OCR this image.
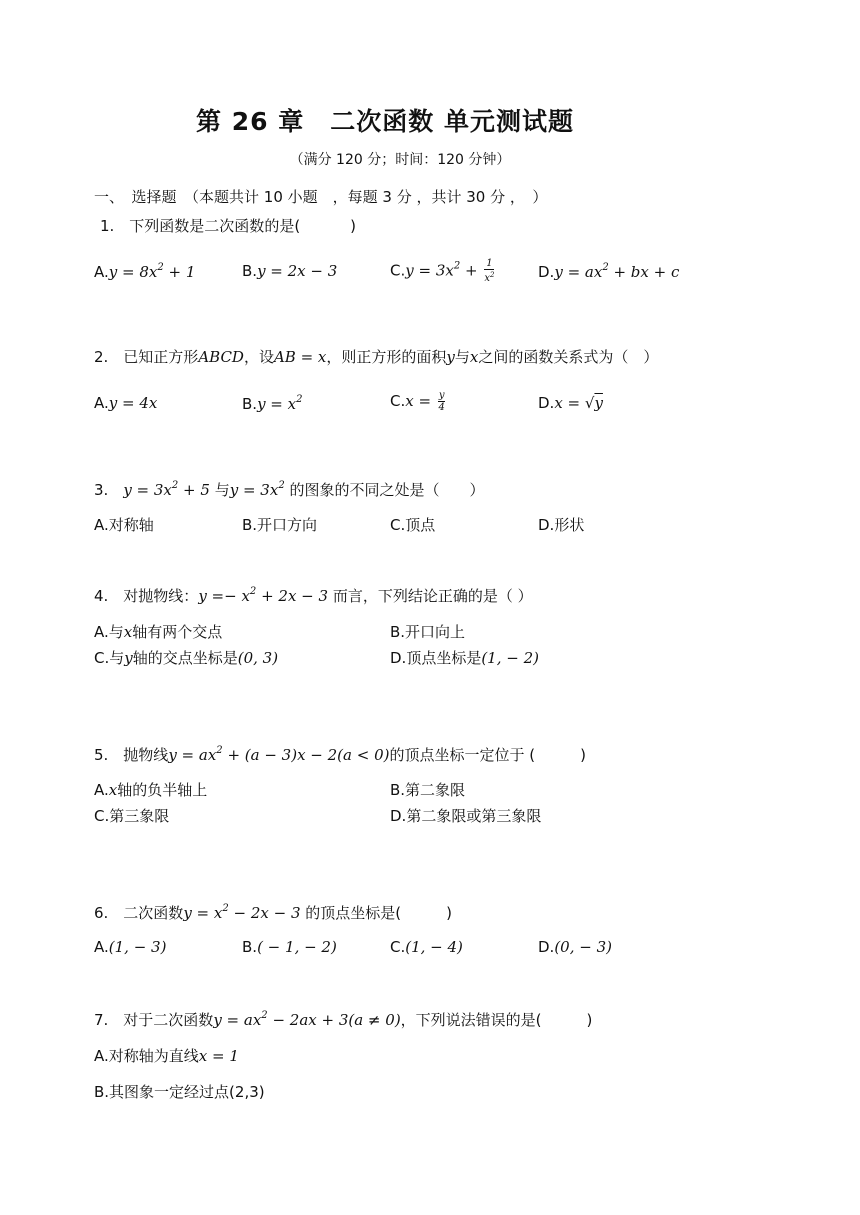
第 26 章　二次函数 单元测试题
（满分 120 分；时间：120 分钟）
一、　选择题　（本题共计 10 小题　，每题 3 分 ，共计 30 分 ，　）
1.　下列函数是二次函数的是(	)
$A.y = 8x^2 + 1$	B.y = 2x − 3	$C.y = 3x^2 + \frac{1}{x^2}$	$D.y = ax^2$ + bx + c
2.　已知正方形ABCD，设AB = x，则正方形的面积y与x之间的函数关系式为（　）
A.y = 4x	$B.y = x^2$	$C.x = \frac{y}{4}$	D.x = √y
3.　$y = 3x^2 + 5$ 与$y = 3x^2$ 的图象的不同之处是（　　）
A.对称轴	B.开口方向	C.顶点	D.形状
4.　对抛物线：$y =- x^2 + 2x - 3$ 而言，下列结论正确的是（ ）
A.与x轴有两个交点	B.开口向上
C.与y轴的交点坐标是(0, 3)	D.顶点坐标是(1, − 2)
5.　抛物线$y = ax^2 + (a - 3)x - 2(a < 0)$的顶点坐标一定位于 (　　　)
A.x轴的负半轴上	B.第二象限
C.第三象限	D.第二象限或第三象限
6.　二次函数$y = x^2 - 2x - 3$ 的顶点坐标是(　　　)
A.(1, − 3)	B.( − 1, − 2)	C.(1, − 4)	D.(0, − 3)
7.　对于二次函数$y = ax^2 - 2ax + 3(a \ne 0)$，下列说法错误的是(　　　)
A.对称轴为直线x = 1
B.其图象一定经过点(2,3)
